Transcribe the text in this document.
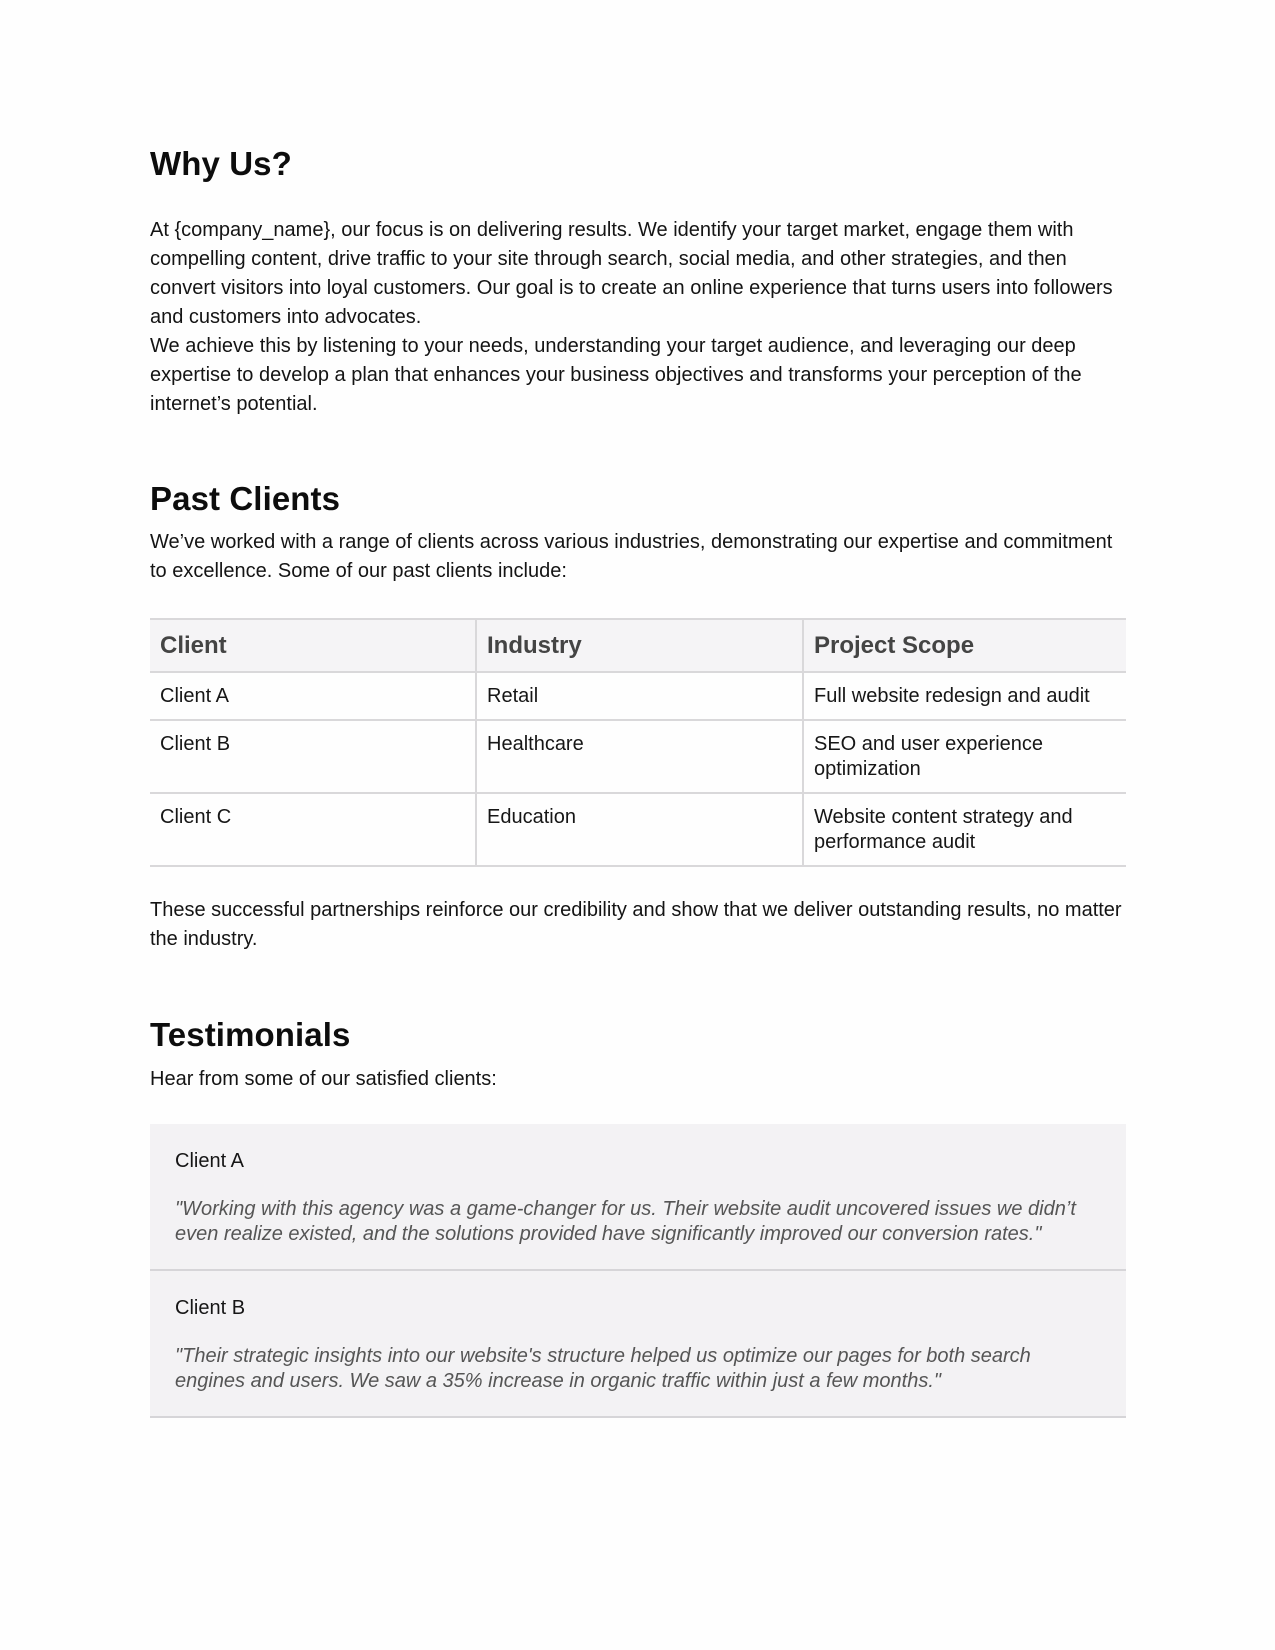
Why Us?

At {company_name}, our focus is on delivering results. We identify your target market, engage them with compelling content, drive traffic to your site through search, social media, and other strategies, and then convert visitors into loyal customers. Our goal is to create an online experience that turns users into followers and customers into advocates.

We achieve this by listening to your needs, understanding your target audience, and leveraging our deep expertise to develop a plan that enhances your business objectives and transforms your perception of the internet’s potential.

Past Clients

We’ve worked with a range of clients across various industries, demonstrating our expertise and commitment to excellence. Some of our past clients include:

Client	Industry	Project Scope
Client A	Retail	Full website redesign and audit
Client B	Healthcare	SEO and user experience optimization
Client C	Education	Website content strategy and performance audit

These successful partnerships reinforce our credibility and show that we deliver outstanding results, no matter the industry.

Testimonials

Hear from some of our satisfied clients:

Client A
"Working with this agency was a game-changer for us. Their website audit uncovered issues we didn’t even realize existed, and the solutions provided have significantly improved our conversion rates."
Client B
"Their strategic insights into our website's structure helped us optimize our pages for both search engines and users. We saw a 35% increase in organic traffic within just a few months."
